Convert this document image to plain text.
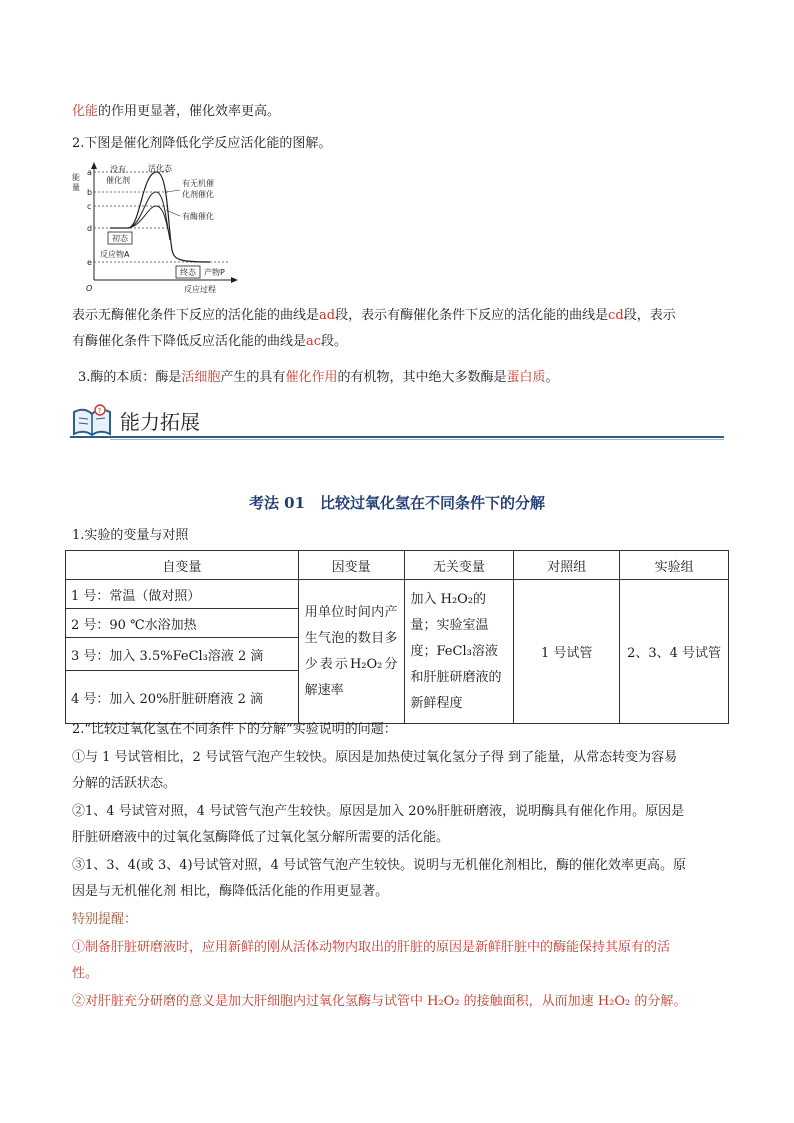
化能的作用更显著，催化效率更高。
2.下图是催化剂降低化学反应活化能的图解。
能
量
a
b
c
d
e
O
没有
催化剂
活化态
有无机催
化剂催化
有酶催化
初态
反应物A
终态 产物P
反应过程
表示无酶催化条件下反应的活化能的曲线是ad段，表示有酶催化条件下反应的活化能的曲线是cd段，表示
有酶催化条件下降低反应活化能的曲线是ac段。
3.酶的本质：酶是活细胞产生的具有催化作用的有机物，其中绝大多数酶是蛋白质。
? 能力拓展
考法 01　比较过氧化氢在不同条件下的分解
1.实验的变量与对照
自变量	因变量	无关变量	对照组	实验组
1 号：常温（做对照）	用单位时间内产生气泡的数目多少表示H₂O₂分解速率	加入 H₂O₂的量；实验室温度；FeCl₃溶液和肝脏研磨液的新鲜程度	1 号试管	2、3、4 号试管
2 号：90 ℃水浴加热				
3 号：加入 3.5%FeCl₃溶液 2 滴				
4 号：加入 20%肝脏研磨液 2 滴				
2.“比较过氧化氢在不同条件下的分解”实验说明的问题：
①与 1 号试管相比，2 号试管气泡产生较快。原因是加热使过氧化氢分子得 到了能量，从常态转变为容易
分解的活跃状态。
②1、4 号试管对照，4 号试管气泡产生较快。原因是加入 20%肝脏研磨液，说明酶具有催化作用。原因是
肝脏研磨液中的过氧化氢酶降低了过氧化氢分解所需要的活化能。
③1、3、4(或 3、4)号试管对照，4 号试管气泡产生较快。说明与无机催化剂相比，酶的催化效率更高。原
因是与无机催化剂 相比，酶降低活化能的作用更显著。
特别提醒：
①制备肝脏研磨液时，应用新鲜的刚从活体动物内取出的肝脏的原因是新鲜肝脏中的酶能保持其原有的活
性。
②对肝脏充分研磨的意义是加大肝细胞内过氧化氢酶与试管中 H₂O₂ 的接触面积，从而加速 H₂O₂ 的分解。
